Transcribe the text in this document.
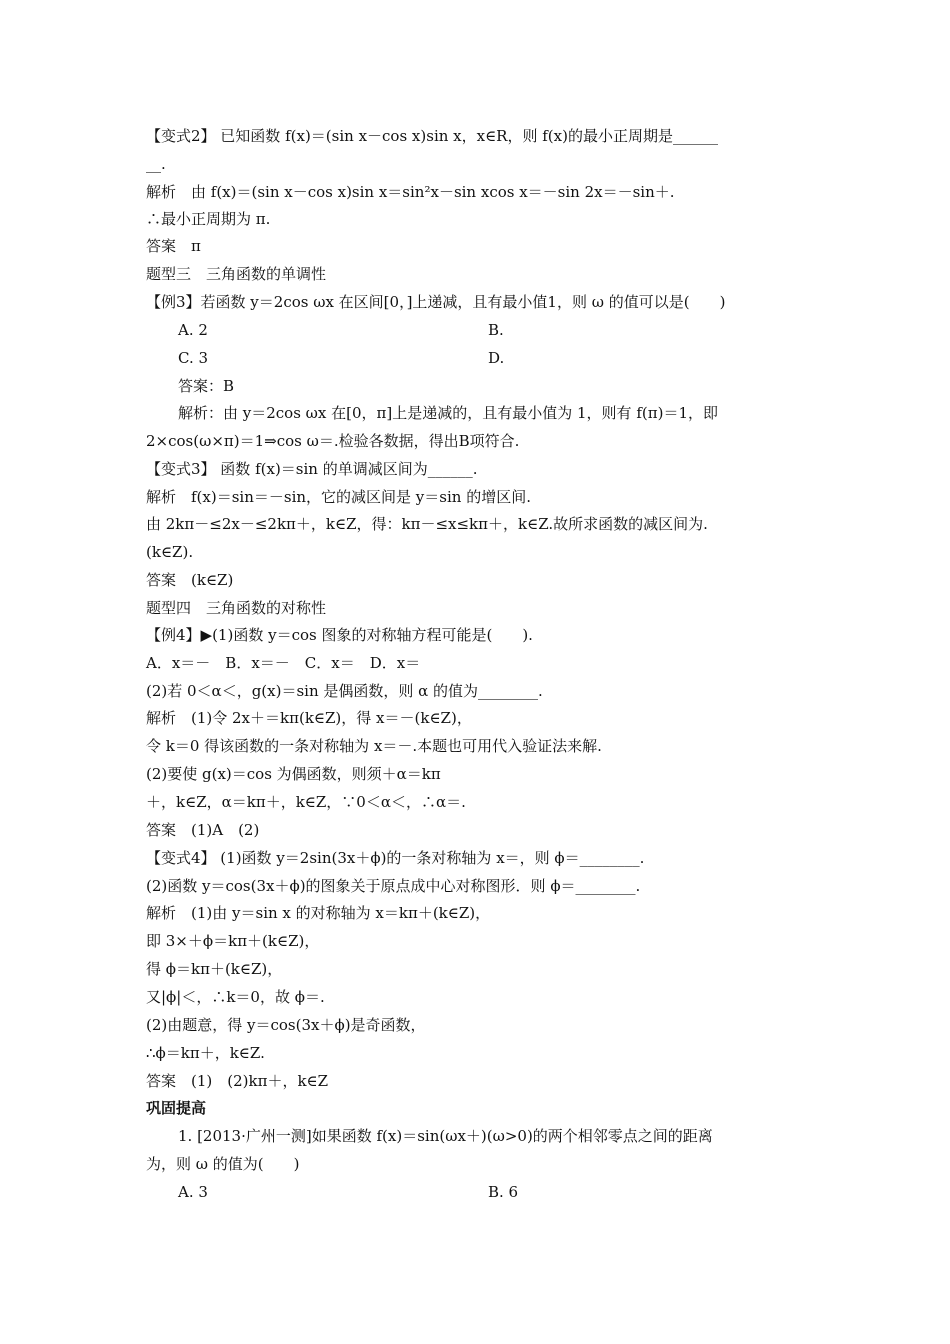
【变式2】 已知函数 f(x)＝(sin x－cos x)sin x，x∈R，则 f(x)的最小正周期是______
__.
解析　由 f(x)＝(sin x－cos x)sin x＝sin²x－sin xcos x＝－sin 2x＝－sin＋.
∴最小正周期为 π.
答案　π
题型三　三角函数的单调性
【例3】若函数 y＝2cos ωx 在区间[0，]上递减，且有最小值1，则 ω 的值可以是(　　)
A. 2	B.
C. 3	D.
答案：B
解析：由 y＝2cos ωx 在[0，π]上是递减的，且有最小值为 1，则有 f(π)＝1，即
2×cos(ω×π)＝1⇒cos ω＝.检验各数据，得出B项符合.
【变式3】 函数 f(x)＝sin 的单调减区间为______.
解析　f(x)＝sin＝－sin，它的减区间是 y＝sin 的增区间.
由 2kπ－≤2x－≤2kπ＋，k∈Z，得：kπ－≤x≤kπ＋，k∈Z.故所求函数的减区间为.
(k∈Z).
答案　(k∈Z)
题型四　三角函数的对称性
【例4】▶(1)函数 y＝cos 图象的对称轴方程可能是(　　).
A．x＝－　B．x＝－　C．x＝　D．x＝
(2)若 0＜α＜，g(x)＝sin 是偶函数，则 α 的值为________.
解析　(1)令 2x＋＝kπ(k∈Z)，得 x＝－(k∈Z)，
令 k＝0 得该函数的一条对称轴为 x＝－.本题也可用代入验证法来解.
(2)要使 g(x)＝cos 为偶函数，则须＋α＝kπ
＋，k∈Z，α＝kπ＋，k∈Z，∵0＜α＜，∴α＝.
答案　(1)A　(2)
【变式4】 (1)函数 y＝2sin(3x＋ϕ)的一条对称轴为 x＝，则 ϕ＝________.
(2)函数 y＝cos(3x＋ϕ)的图象关于原点成中心对称图形．则 ϕ＝________.
解析　(1)由 y＝sin x 的对称轴为 x＝kπ＋(k∈Z)，
即 3×＋ϕ＝kπ＋(k∈Z)，
得 ϕ＝kπ＋(k∈Z)，
又|ϕ|＜，∴k＝0，故 ϕ＝.
(2)由题意，得 y＝cos(3x＋ϕ)是奇函数，
∴ϕ＝kπ＋，k∈Z.
答案　(1)　(2)kπ＋，k∈Z
巩固提高
1. [2013·广州一测]如果函数 f(x)＝sin(ωx＋)(ω>0)的两个相邻零点之间的距离
为，则 ω 的值为(　　)
A. 3	B. 6
